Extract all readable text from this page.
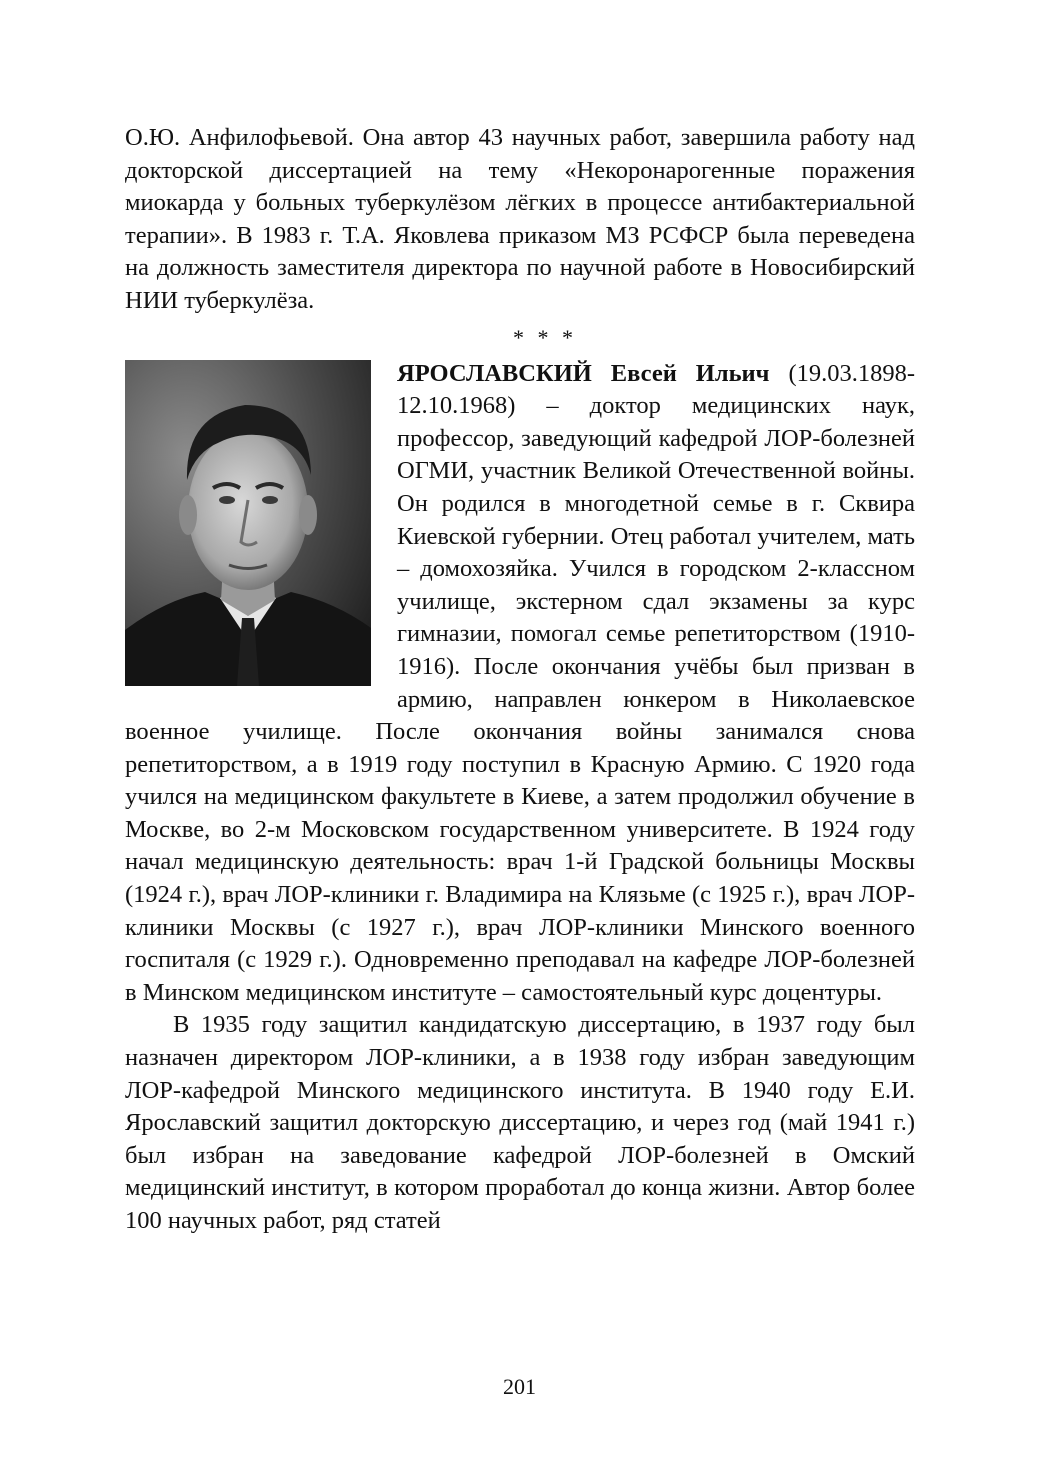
О.Ю. Анфилофьевой. Она автор 43 научных работ, завершила работу над докторской диссертацией на тему «Некоронарогенные поражения миокарда у больных туберкулёзом лёгких в процессе антибактериальной терапии». В 1983 г. Т.А. Яковлева приказом МЗ РСФСР была переведена на должность заместителя директора по научной работе в Новосибирский НИИ туберкулёза.

* * *

ЯРОСЛАВСКИЙ Евсей Ильич (19.03.1898-12.10.1968) – доктор медицинских наук, профессор, заведующий кафедрой ЛОР-болезней ОГМИ, участник Великой Отечественной войны. Он родился в многодетной семье в г. Сквира Киевской губернии. Отец работал учителем, мать – домохозяйка. Учился в городском 2-классном училище, экстерном сдал экзамены за курс гимназии, помогал семье репетиторством (1910-1916). После окончания учёбы был призван в армию, направлен юнкером в Николаевское военное училище. После окончания войны занимался снова репетиторством, а в 1919 году поступил в Красную Армию. С 1920 года учился на медицинском факультете в Киеве, а затем продолжил обучение в Москве, во 2-м Московском государственном университете. В 1924 году начал медицинскую деятельность: врач 1-й Градской больницы Москвы (1924 г.), врач ЛОР-клиники г. Владимира на Клязьме (с 1925 г.), врач ЛОР-клиники Москвы (с 1927 г.), врач ЛОР-клиники Минского военного госпиталя (с 1929 г.). Одновременно преподавал на кафедре ЛОР-болезней в Минском медицинском институте – самостоятельный курс доцентуры.

В 1935 году защитил кандидатскую диссертацию, в 1937 году был назначен директором ЛОР-клиники, а в 1938 году избран заведующим ЛОР-кафедрой Минского медицинского института. В 1940 году Е.И. Ярославский защитил докторскую диссертацию, и через год (май 1941 г.) был избран на заведование кафедрой ЛОР-болезней в Омский медицинский институт, в котором проработал до конца жизни. Автор более 100 научных работ, ряд статей

201
